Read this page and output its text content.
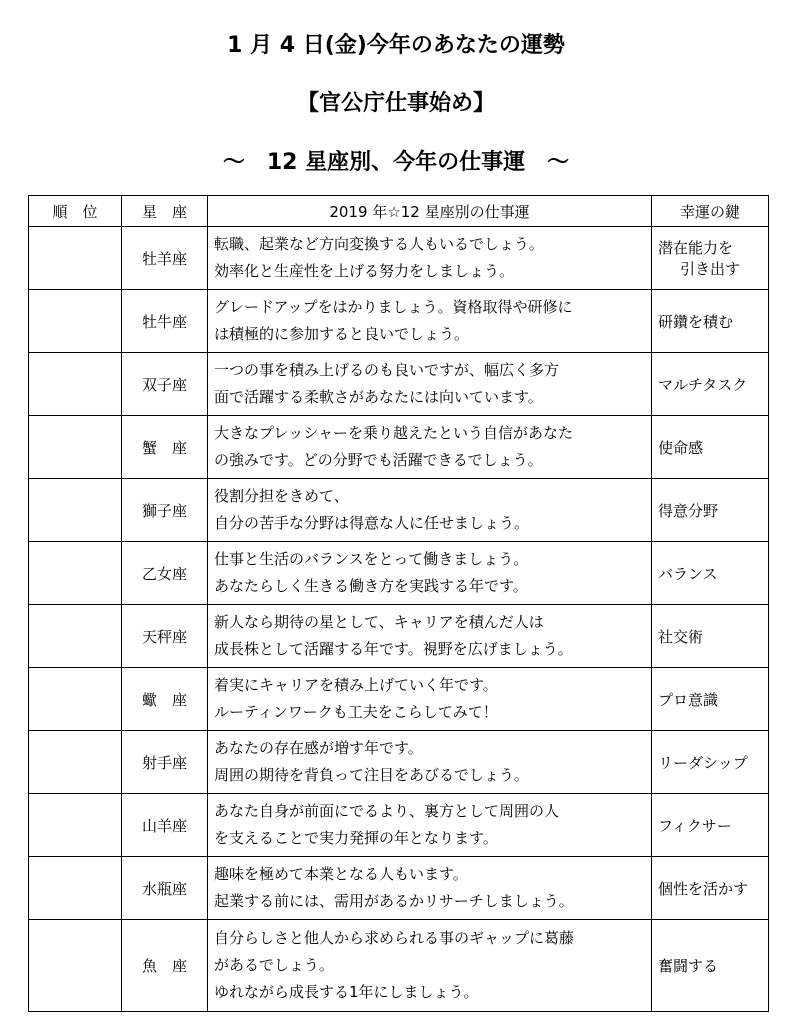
1 月 4 日(金)今年のあなたの運勢
【官公庁仕事始め】
～　12 星座別、今年の仕事運　～
順　位	星　座	2019 年☆12 星座別の仕事運	幸運の鍵
	牡羊座	転職、起業など方向変換する人もいるでしょう。
効率化と生産性を上げる努力をしましょう。	潜在能力を
引き出す

	牡牛座	グレードアップをはかりましょう。資格取得や研修に
は積極的に参加すると良いでしょう。	研鑽を積む

	双子座	一つの事を積み上げるのも良いですが、幅広く多方
面で活躍する柔軟さがあなたには向いています。	マルチタスク

	蟹　座	大きなプレッシャーを乗り越えたという自信があなた
の強みです。どの分野でも活躍できるでしょう。	使命感

	獅子座	役割分担をきめて、
自分の苦手な分野は得意な人に任せましょう。	得意分野

	乙女座	仕事と生活のバランスをとって働きましょう。
あなたらしく生きる働き方を実践する年です。	バランス

	天秤座	新人なら期待の星として、キャリアを積んだ人は
成長株として活躍する年です。視野を広げましょう。	社交術

	蠍　座	着実にキャリアを積み上げていく年です。
ルーティンワークも工夫をこらしてみて！	プロ意識

	射手座	あなたの存在感が増す年です。
周囲の期待を背負って注目をあびるでしょう。	リーダシップ

	山羊座	あなた自身が前面にでるより、裏方として周囲の人
を支えることで実力発揮の年となります。	フィクサー

	水瓶座	趣味を極めて本業となる人もいます。
起業する前には、需用があるかリサーチしましょう。	個性を活かす

	魚　座	自分らしさと他人から求められる事のギャップに葛藤
があるでしょう。
ゆれながら成長する1年にしましょう。	奮闘する
